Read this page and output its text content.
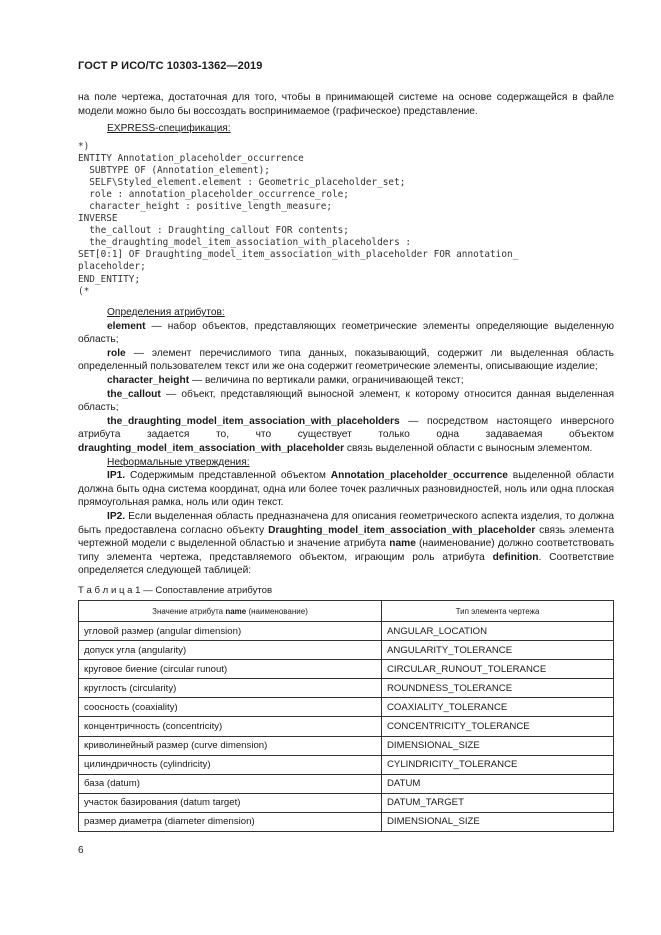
ГОСТ Р ИСО/ТС 10303-1362—2019

на поле чертежа, достаточная для того, чтобы в принимающей системе на основе содержащейся в файле модели можно было бы воссоздать воспринимаемое (графическое) представление.

EXPRESS-спецификация:

*)
ENTITY Annotation_placeholder_occurrence
SUBTYPE OF (Annotation_element);
SELF\Styled_element.element : Geometric_placeholder_set;
role : annotation_placeholder_occurrence_role;
character_height : positive_length_measure;
INVERSE
the_callout : Draughting_callout FOR contents;
the_draughting_model_item_association_with_placeholders :
SET[0:1] OF Draughting_model_item_association_with_placeholder FOR annotation_
placeholder;
END_ENTITY;
(*

Определения атрибутов:

element — набор объектов, представляющих геометрические элементы определяющие выделенную область;

role — элемент перечислимого типа данных, показывающий, содержит ли выделенная область определенный пользователем текст или же она содержит геометрические элементы, описывающие изделие;

character_height — величина по вертикали рамки, ограничивающей текст;

the_callout — объект, представляющий выносной элемент, к которому относится данная выделенная область;

the_draughting_model_item_association_with_placeholders — посредством настоящего инверсного атрибута задается то, что существует только одна задаваемая объектом draughting_model_item_association_with_placeholder связь выделенной области с выносным элементом.

Неформальные утверждения:

IP1. Содержимым представленной объектом Annotation_placeholder_occurrence выделенной области должна быть одна система координат, одна или более точек различных разновидностей, ноль или одна плоская прямоугольная рамка, ноль или один текст.

IP2. Если выделенная область предназначена для описания геометрического аспекта изделия, то должна быть предоставлена согласно объекту Draughting_model_item_association_with_placeholder связь элемента чертежной модели с выделенной областью и значение атрибута name (наименование) должно соответствовать типу элемента чертежа, представляемого объектом, играющим роль атрибута definition. Соответствие определяется следующей таблицей:

Т а б л и ц а 1 — Сопоставление атрибутов
Значение атрибута name (наименование)	Тип элемента чертежа
угловой размер (angular dimension)	ANGULAR_LOCATION
допуск угла (angularity)	ANGULARITY_TOLERANCE
круговое биение (circular runout)	CIRCULAR_RUNOUT_TOLERANCE
круглость (circularity)	ROUNDNESS_TOLERANCE
соосность (coaxiality)	COAXIALITY_TOLERANCE
концентричность (concentricity)	CONCENTRICITY_TOLERANCE
криволинейный размер (curve dimension)	DIMENSIONAL_SIZE
цилиндричность (cylindricity)	CYLINDRICITY_TOLERANCE
база (datum)	DATUM
участок базирования (datum target)	DATUM_TARGET
размер диаметра (diameter dimension)	DIMENSIONAL_SIZE
6
